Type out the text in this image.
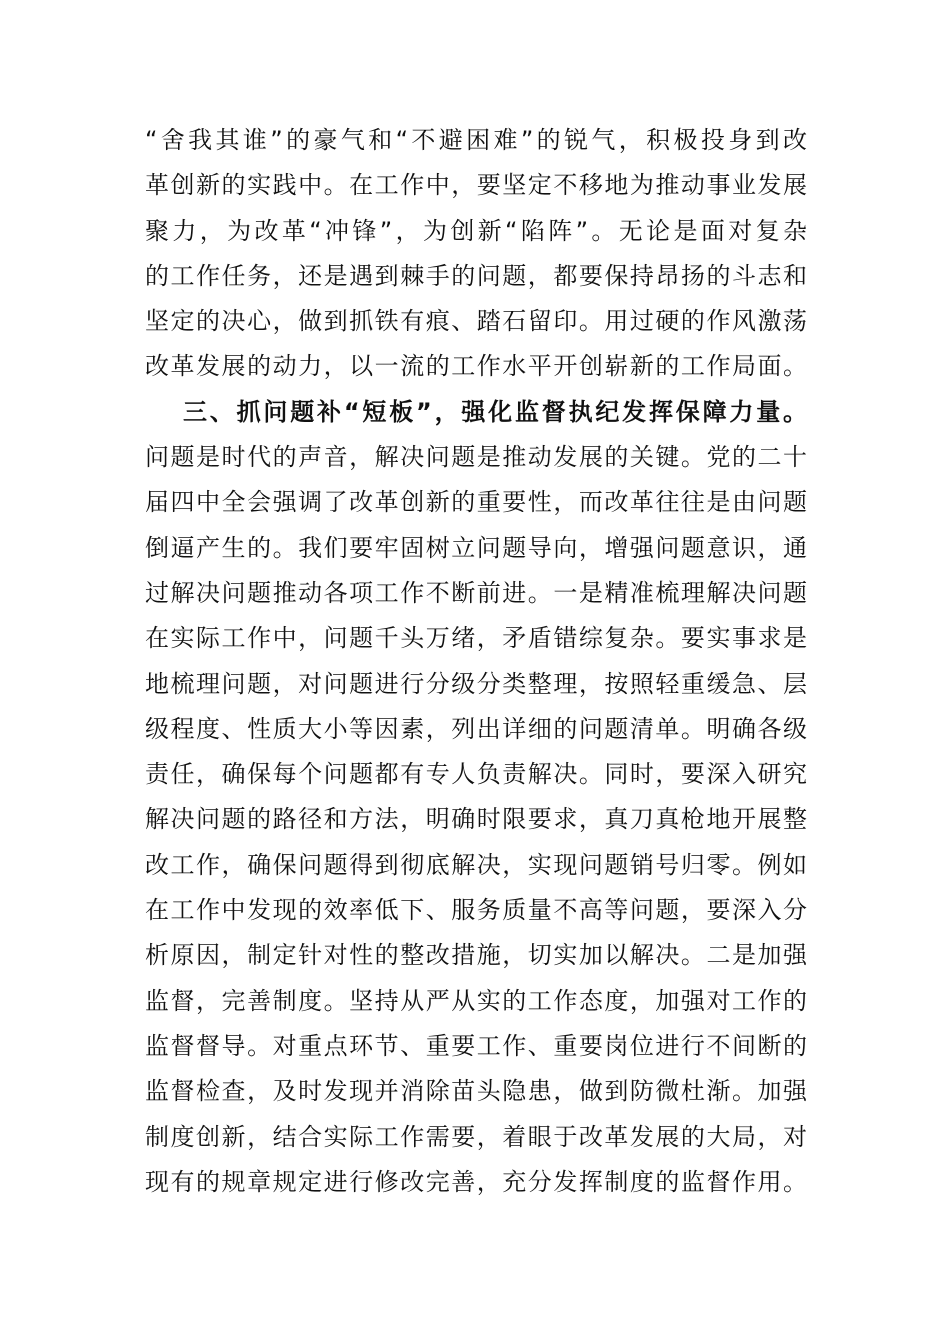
“舍我其谁”的豪气和“不避困难”的锐气，积极投身到改
革创新的实践中。在工作中，要坚定不移地为推动事业发展
聚力，为改革“冲锋”，为创新“陷阵”。无论是面对复杂
的工作任务，还是遇到棘手的问题，都要保持昂扬的斗志和
坚定的决心，做到抓铁有痕、踏石留印。用过硬的作风激荡
改革发展的动力，以一流的工作水平开创崭新的工作局面。
三、抓问题补“短板”，强化监督执纪发挥保障力量。
问题是时代的声音，解决问题是推动发展的关键。党的二十
届四中全会强调了改革创新的重要性，而改革往往是由问题
倒逼产生的。我们要牢固树立问题导向，增强问题意识，通
过解决问题推动各项工作不断前进。一是精准梳理解决问题
在实际工作中，问题千头万绪，矛盾错综复杂。要实事求是
地梳理问题，对问题进行分级分类整理，按照轻重缓急、层
级程度、性质大小等因素，列出详细的问题清单。明确各级
责任，确保每个问题都有专人负责解决。同时，要深入研究
解决问题的路径和方法，明确时限要求，真刀真枪地开展整
改工作，确保问题得到彻底解决，实现问题销号归零。例如
在工作中发现的效率低下、服务质量不高等问题，要深入分
析原因，制定针对性的整改措施，切实加以解决。二是加强
监督，完善制度。坚持从严从实的工作态度，加强对工作的
监督督导。对重点环节、重要工作、重要岗位进行不间断的
监督检查，及时发现并消除苗头隐患，做到防微杜渐。加强
制度创新，结合实际工作需要，着眼于改革发展的大局，对
现有的规章规定进行修改完善，充分发挥制度的监督作用。
